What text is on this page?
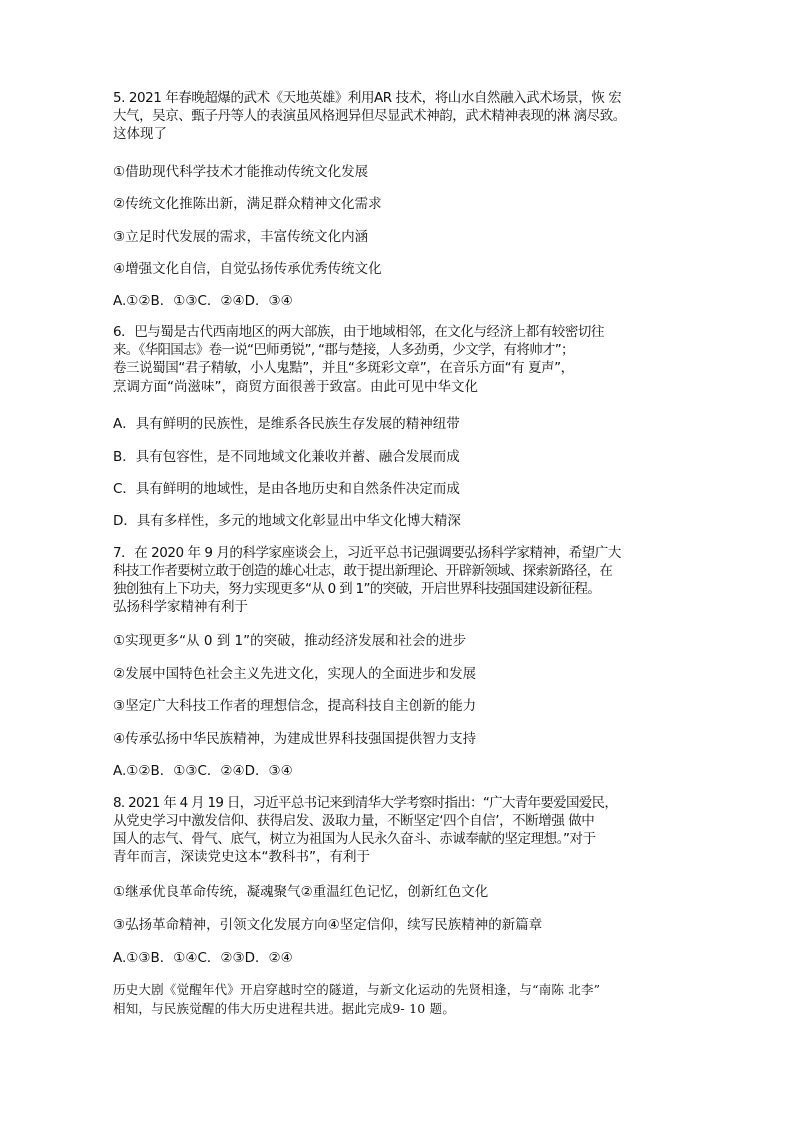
5. 2021 年春晚超爆的武术《天地英雄》利用AR 技术，将山水自然融入武术场景，恢 宏
大气，吴京、甄子丹等人的表演虽风格迥异但尽显武术神韵，武术精神表现的淋 漓尽致。
这体现了
①借助现代科学技术才能推动传统文化发展
②传统文化推陈出新，满足群众精神文化需求
③立足时代发展的需求，丰富传统文化内涵
④增强文化自信，自觉弘扬传承优秀传统文化
A.①②B．①③C．②④D．③④
6．巴与蜀是古代西南地区的两大部族，由于地域相邻，在文化与经济上都有较密切往
来。《华阳国志》卷一说“巴师勇锐”, “郡与楚接，人多劲勇，少文学，有将帅才”；
卷三说蜀国“君子精敏，小人鬼黠”，并且“多斑彩文章”，在音乐方面“有 夏声”，
烹调方面“尚滋味”，商贸方面很善于致富。由此可见中华文化
A．具有鲜明的民族性，是维系各民族生存发展的精神纽带
B．具有包容性，是不同地域文化兼收并蓄、融合发展而成
C．具有鲜明的地域性，是由各地历史和自然条件决定而成
D．具有多样性，多元的地域文化彰显出中华文化博大精深
7．在 2020 年 9 月的科学家座谈会上，习近平总书记强调要弘扬科学家精神，希望广大
科技工作者要树立敢于创造的雄心壮志，敢于提出新理论、开辟新领域、探索新路径，在
独创独有上下功夫，努力实现更多“从 0 到 1”的突破，开启世界科技强国建设新征程。
弘扬科学家精神有利于
①实现更多“从 0 到 1”的突破，推动经济发展和社会的进步
②发展中国特色社会主义先进文化，实现人的全面进步和发展
③坚定广大科技工作者的理想信念，提高科技自主创新的能力
④传承弘扬中华民族精神，为建成世界科技强国提供智力支持
A.①②B．①③C．②④D．③④
8. 2021 年 4 月 19 日，习近平总书记来到清华大学考察时指出：“广大青年要爱国爱民，
从党史学习中激发信仰、获得启发、汲取力量，不断坚定‘四个自信’，不断增强 做中
国人的志气、骨气、底气，树立为祖国为人民永久奋斗、赤诚奉献的坚定理想。”对于
青年而言，深读党史这本“教科书”，有利于
①继承优良革命传统，凝魂聚气②重温红色记忆，创新红色文化
③弘扬革命精神，引领文化发展方向④坚定信仰，续写民族精神的新篇章
A.①③B．①④C．②③D．②④
历史大剧《觉醒年代》开启穿越时空的隧道，与新文化运动的先贤相逢，与“南陈 北李”
相知，与民族觉醒的伟大历史进程共进。据此完成9- 10 题。
